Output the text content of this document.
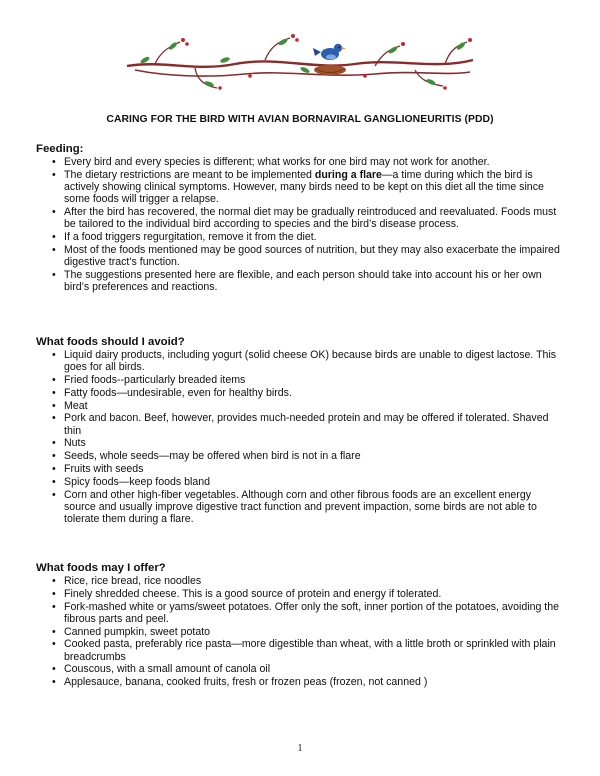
CARING FOR THE BIRD WITH AVIAN BORNAVIRAL GANGLIONEURITIS (PDD)
Feeding:
• Every bird and every species is different; what works for one bird may not work for another.
• The dietary restrictions are meant to be implemented during a flare—a time during which the bird is actively showing clinical symptoms. However, many birds need to be kept on this diet all the time since some foods will trigger a relapse.
• After the bird has recovered, the normal diet may be gradually reintroduced and reevaluated. Foods must be tailored to the individual bird according to species and the bird’s disease process.
• If a food triggers regurgitation, remove it from the diet.
• Most of the foods mentioned may be good sources of nutrition, but they may also exacerbate the impaired digestive tract’s function.
• The suggestions presented here are flexible, and each person should take into account his or her own bird’s preferences and reactions.
What foods should I avoid?
• Liquid dairy products, including yogurt (solid cheese OK) because birds are unable to digest lactose. This goes for all birds.
• Fried foods--particularly breaded items
• Fatty foods—undesirable, even for healthy birds.
• Meat
• Pork and bacon. Beef, however, provides much-needed protein and may be offered if tolerated. Shaved thin
• Nuts
• Seeds, whole seeds—may be offered when bird is not in a flare
• Fruits with seeds
• Spicy foods—keep foods bland
• Corn and other high-fiber vegetables. Although corn and other fibrous foods are an excellent energy source and usually improve digestive tract function and prevent impaction, some birds are not able to tolerate them during a flare.
What foods may I offer?
• Rice, rice bread, rice noodles
• Finely shredded cheese. This is a good source of protein and energy if tolerated.
• Fork-mashed white or yams/sweet potatoes. Offer only the soft, inner portion of the potatoes, avoiding the fibrous parts and peel.
• Canned pumpkin, sweet potato
• Cooked pasta, preferably rice pasta—more digestible than wheat, with a little broth or sprinkled with plain breadcrumbs
• Couscous, with a small amount of canola oil
• Applesauce, banana, cooked fruits, fresh or frozen peas (frozen, not canned )
1
